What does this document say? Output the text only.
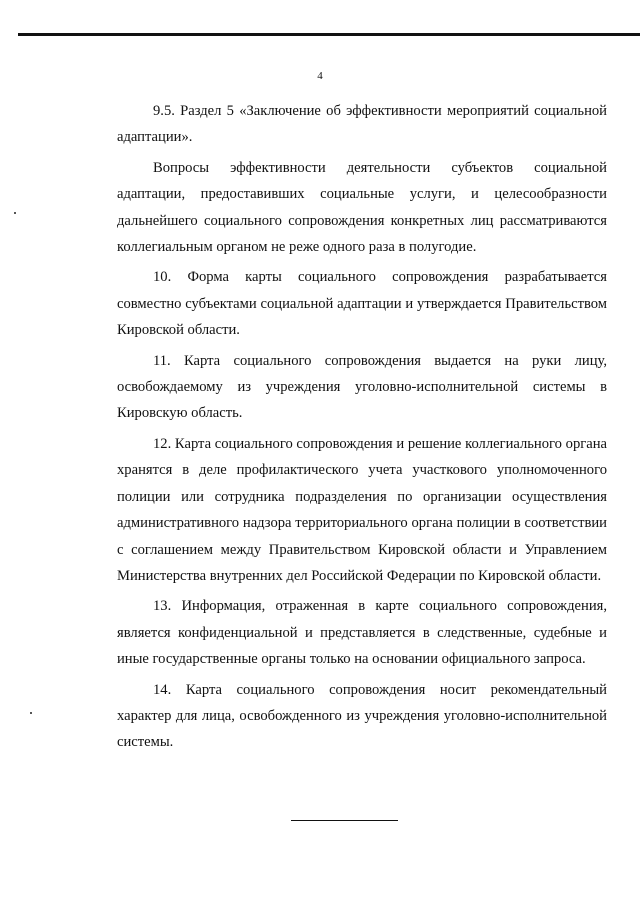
4

9.5. Раздел 5 «Заключение об эффективности мероприятий социальной адаптации».

Вопросы эффективности деятельности субъектов социальной адаптации, предоставивших социальные услуги, и целесообразности дальнейшего социального сопровождения конкретных лиц рассматриваются коллегиальным органом не реже одного раза в полугодие.

10. Форма карты социального сопровождения разрабатывается совместно субъектами социальной адаптации и утверждается Правительством Кировской области.

11. Карта социального сопровождения выдается на руки лицу, освобождаемому из учреждения уголовно-исполнительной системы в Кировскую область.

12. Карта социального сопровождения и решение коллегиального органа хранятся в деле профилактического учета участкового уполномоченного полиции или сотрудника подразделения по организации осуществления административного надзора территориального органа полиции в соответствии с соглашением между Правительством Кировской области и Управлением Министерства внутренних дел Российской Федерации по Кировской области.

13. Информация, отраженная в карте социального сопровождения, является конфиденциальной и представляется в следственные, судебные и иные государственные органы только на основании официального запроса.

14. Карта социального сопровождения носит рекомендательный характер для лица, освобожденного из учреждения уголовно-исполнительной системы.
